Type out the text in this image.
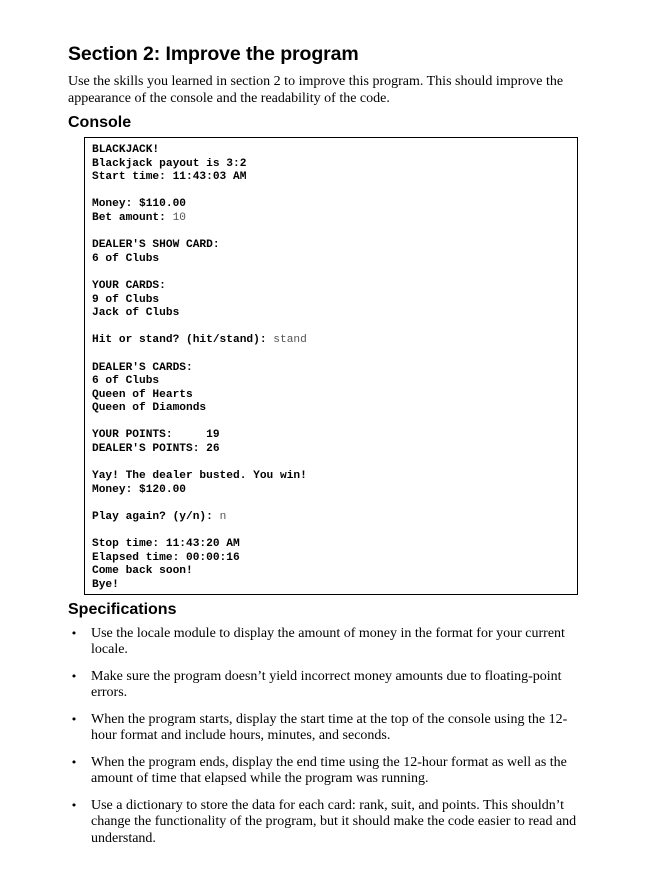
Section 2: Improve the program

Use the skills you learned in section 2 to improve this program. This should improve the appearance of the console and the readability of the code.

Console
BLACKJACK!
Blackjack payout is 3:2
Start time: 11:43:03 AM
Money: $110.00
Bet amount: 10
DEALER'S SHOW CARD:
6 of Clubs
YOUR CARDS:
9 of Clubs
Jack of Clubs
Hit or stand? (hit/stand): stand
DEALER'S CARDS:
6 of Clubs
Queen of Hearts
Queen of Diamonds
YOUR POINTS:     19
DEALER'S POINTS: 26
Yay! The dealer busted. You win!
Money: $120.00
Play again? (y/n): n
Stop time: 11:43:20 AM
Elapsed time: 00:00:16
Come back soon!
Bye!
Specifications
• Use the locale module to display the amount of money in the format for your current locale.
• Make sure the program doesn’t yield incorrect money amounts due to floating-point errors.
• When the program starts, display the start time at the top of the console using the 12-hour format and include hours, minutes, and seconds.
• When the program ends, display the end time using the 12-hour format as well as the amount of time that elapsed while the program was running.
• Use a dictionary to store the data for each card: rank, suit, and points. This shouldn’t change the functionality of the program, but it should make the code easier to read and understand.
